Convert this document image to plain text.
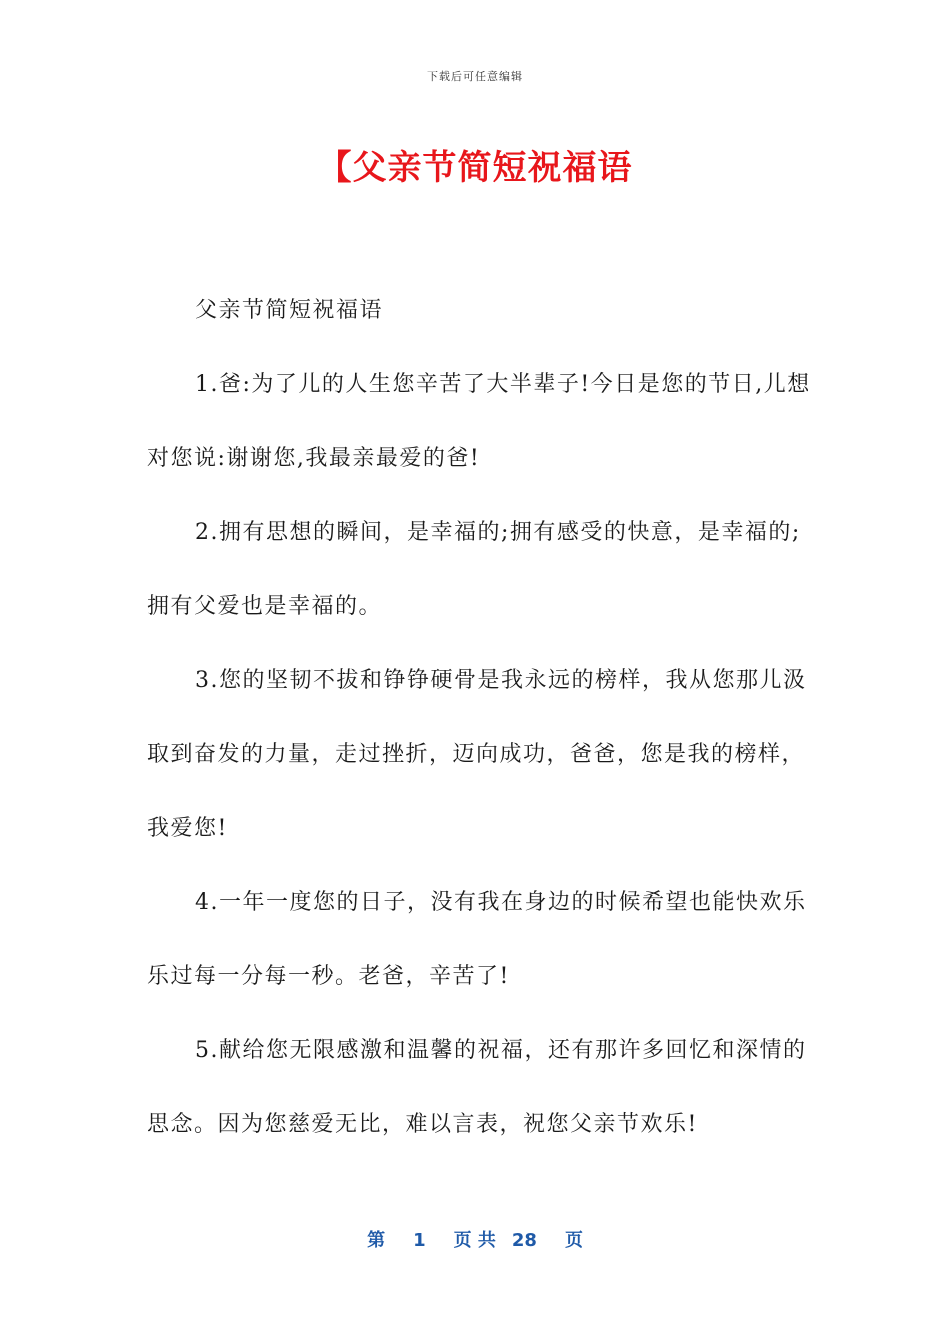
下载后可任意编辑
【父亲节简短祝福语

父亲节简短祝福语

1.爸:为了儿的人生您辛苦了大半辈子!今日是您的节日,儿想对您说:谢谢您,我最亲最爱的爸!

2.拥有思想的瞬间，是幸福的;拥有感受的快意，是幸福的;拥有父爱也是幸福的。

3.您的坚韧不拔和铮铮硬骨是我永远的榜样，我从您那儿汲取到奋发的力量，走过挫折，迈向成功，爸爸，您是我的榜样，我爱您!

4.一年一度您的日子，没有我在身边的时候希望也能快欢乐乐过每一分每一秒。老爸，辛苦了!

5.献给您无限感激和温馨的祝福，还有那许多回忆和深情的思念。因为您慈爱无比，难以言表，祝您父亲节欢乐!

第 1 页 共 28 页
